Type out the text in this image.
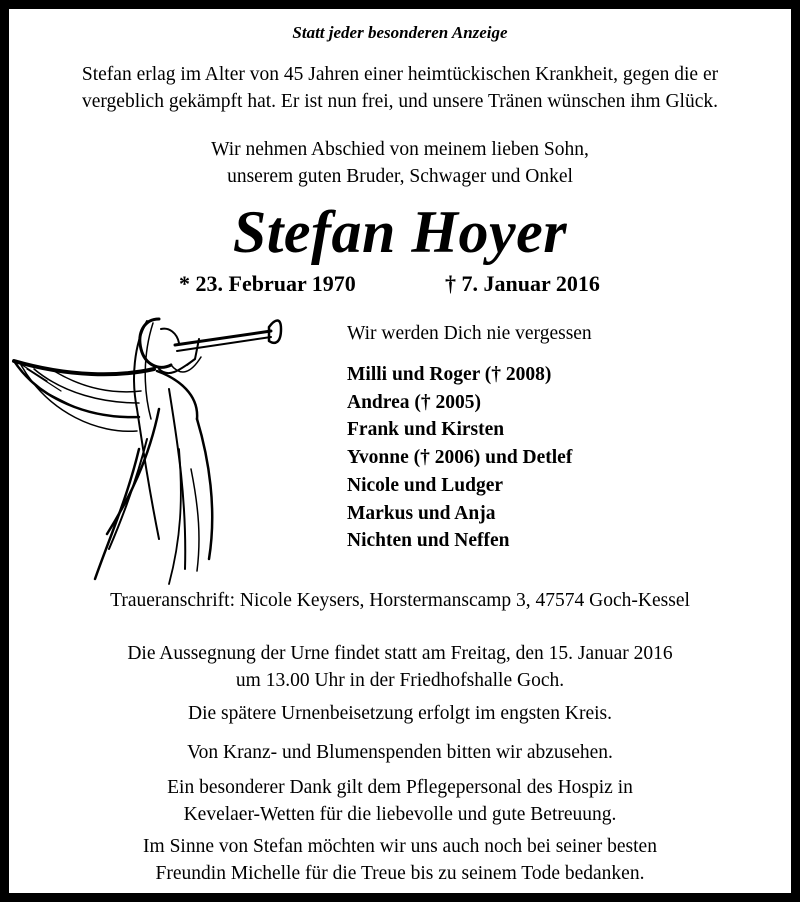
Statt jeder besonderen Anzeige

Stefan erlag im Alter von 45 Jahren einer heimtückischen Krankheit, gegen die er
vergeblich gekämpft hat. Er ist nun frei, und unsere Tränen wünschen ihm Glück.
Wir nehmen Abschied von meinem lieben Sohn,
unserem guten Bruder, Schwager und Onkel
Stefan Hoyer
* 23. Februar 1970	† 7. Januar 2016
Wir werden Dich nie vergessen
Milli und Roger († 2008)
Andrea († 2005)
Frank und Kirsten
Yvonne († 2006) und Detlef
Nicole und Ludger
Markus und Anja
Nichten und Neffen
Traueranschrift: Nicole Keysers, Horstermanscamp 3, 47574 Goch-Kessel
Die Aussegnung der Urne findet statt am Freitag, den 15. Januar 2016
um 13.00 Uhr in der Friedhofshalle Goch.
Die spätere Urnenbeisetzung erfolgt im engsten Kreis.
Von Kranz- und Blumenspenden bitten wir abzusehen.
Ein besonderer Dank gilt dem Pflegepersonal des Hospiz in
Kevelaer-Wetten für die liebevolle und gute Betreuung.
Im Sinne von Stefan möchten wir uns auch noch bei seiner besten
Freundin Michelle für die Treue bis zu seinem Tode bedanken.
